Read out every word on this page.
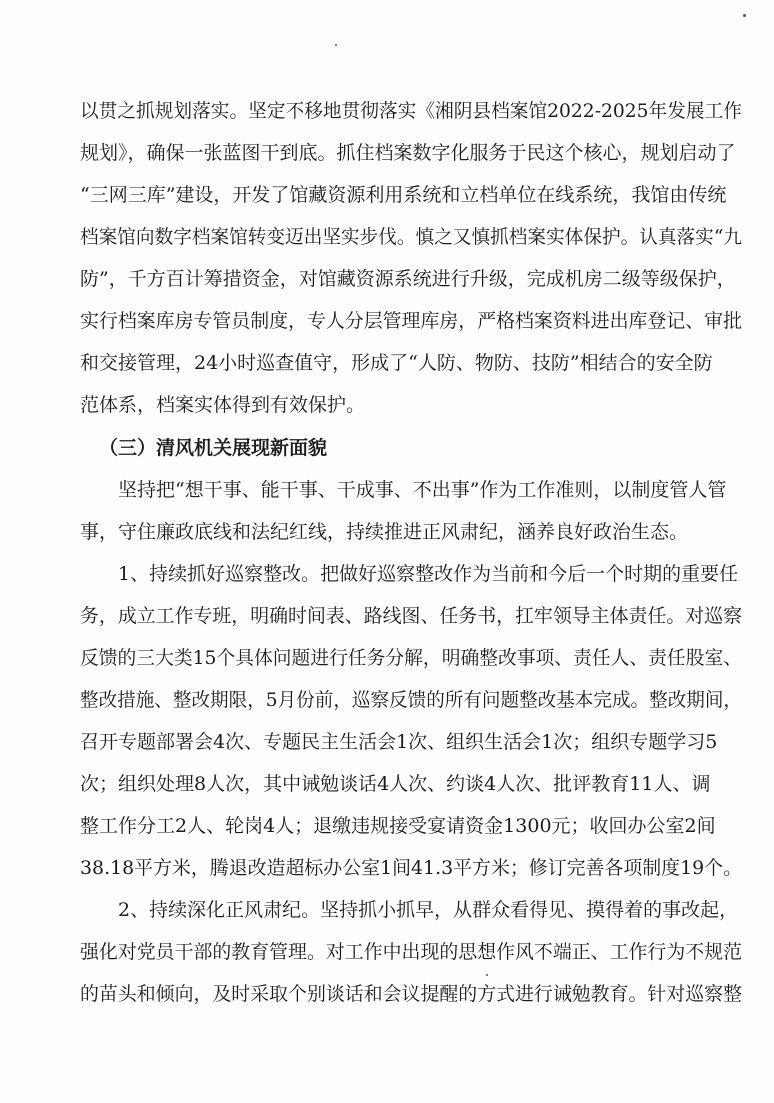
以贯之抓规划落实。坚定不移地贯彻落实《湘阴县档案馆2022-2025年发展工作
规划》，确保一张蓝图干到底。抓住档案数字化服务于民这个核心，规划启动了
“三网三库”建设，开发了馆藏资源利用系统和立档单位在线系统，我馆由传统
档案馆向数字档案馆转变迈出坚实步伐。慎之又慎抓档案实体保护。认真落实“九
防”，千方百计筹措资金，对馆藏资源系统进行升级，完成机房二级等级保护，
实行档案库房专管员制度，专人分层管理库房，严格档案资料进出库登记、审批
和交接管理，24小时巡查值守，形成了“人防、物防、技防”相结合的安全防
范体系，档案实体得到有效保护。
（三）清风机关展现新面貌
坚持把“想干事、能干事、干成事、不出事”作为工作准则，以制度管人管
事，守住廉政底线和法纪红线，持续推进正风肃纪，涵养良好政治生态。
1、持续抓好巡察整改。把做好巡察整改作为当前和今后一个时期的重要任
务，成立工作专班，明确时间表、路线图、任务书，扛牢领导主体责任。对巡察
反馈的三大类15个具体问题进行任务分解，明确整改事项、责任人、责任股室、
整改措施、整改期限，5月份前，巡察反馈的所有问题整改基本完成。整改期间，
召开专题部署会4次、专题民主生活会1次、组织生活会1次；组织专题学习5
次；组织处理8人次，其中诫勉谈话4人次、约谈4人次、批评教育11人、调
整工作分工2人、轮岗4人；退缴违规接受宴请资金1300元；收回办公室2间
38.18平方米，腾退改造超标办公室1间41.3平方米；修订完善各项制度19个。
2、持续深化正风肃纪。坚持抓小抓早，从群众看得见、摸得着的事改起，
强化对党员干部的教育管理。对工作中出现的思想作风不端正、工作行为不规范
的苗头和倾向，及时采取个别谈话和会议提醒的方式进行诫勉教育。针对巡察整
